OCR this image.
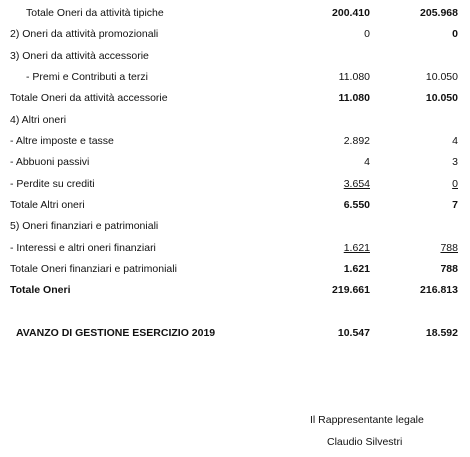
Totale Oneri da attività tipiche	200.410	205.968
2) Oneri da attività promozionali	0	0
3) Oneri da attività accessorie
- Premi e Contributi a terzi	11.080	10.050
Totale Oneri da attività accessorie	11.080	10.050
4) Altri oneri
- Altre imposte e tasse	2.892	4
- Abbuoni passivi	4	3
- Perdite su crediti	3.654	0
Totale Altri oneri	6.550	7
5) Oneri finanziari e patrimoniali
- Interessi e altri oneri finanziari	1.621	788
Totale Oneri finanziari e patrimoniali	1.621	788
Totale Oneri	219.661	216.813
AVANZO DI GESTIONE ESERCIZIO 2019	10.547	18.592
Il Rappresentante legale
Claudio Silvestri
